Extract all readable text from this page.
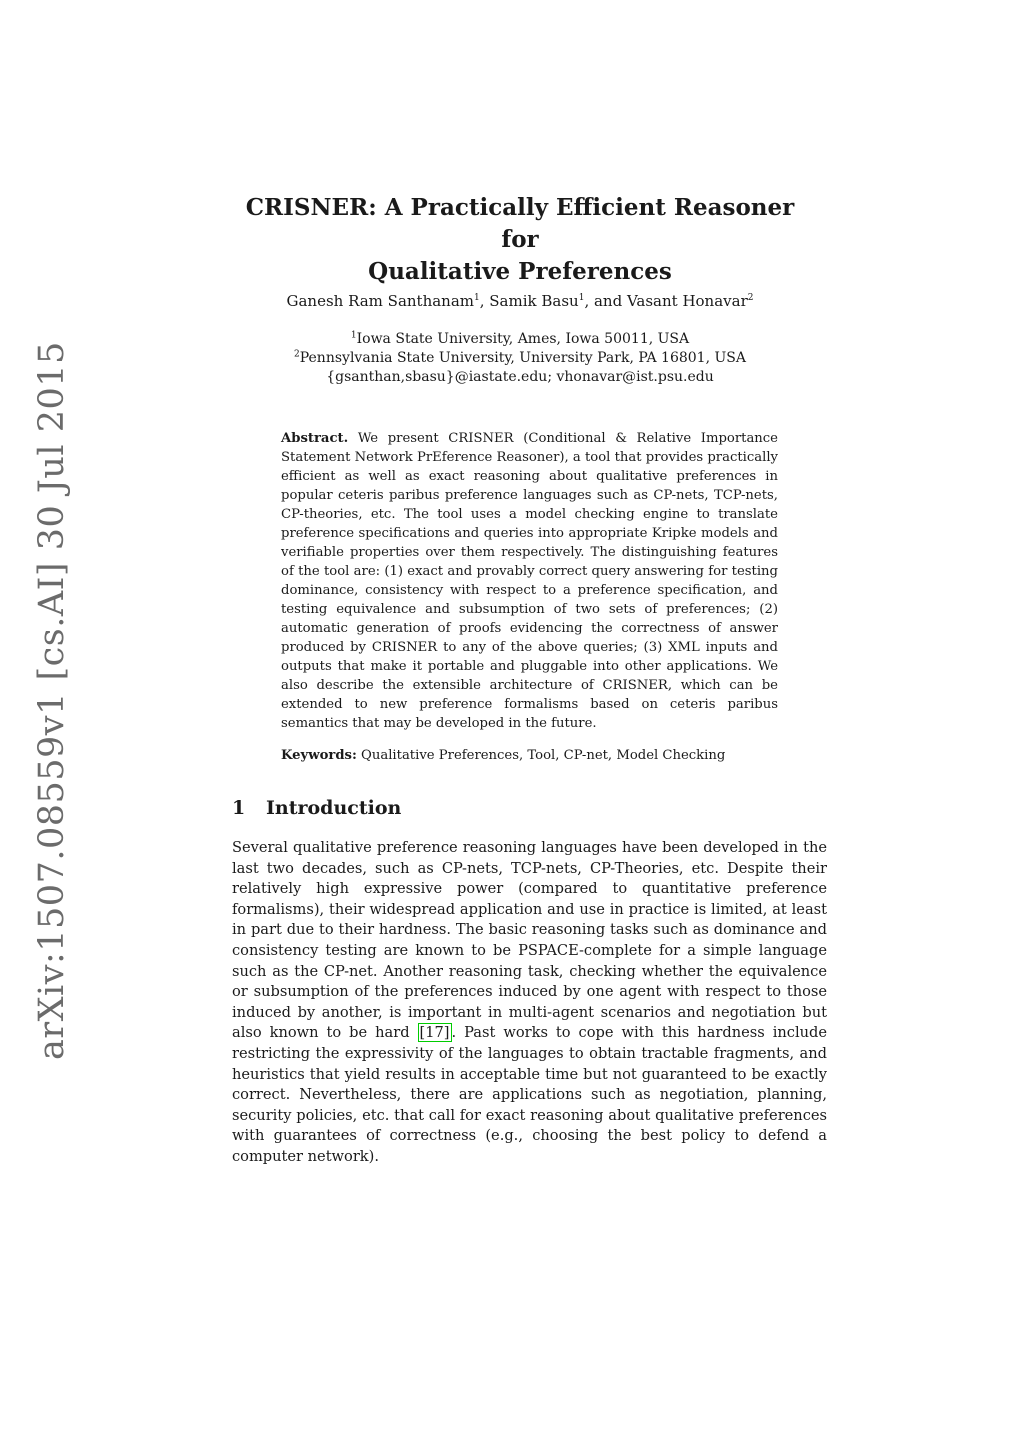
arXiv:1507.08559v1 [cs.AI] 30 Jul 2015
CRISNER: A Practically Efficient Reasoner for
Qualitative Preferences
Ganesh Ram Santhanam$^1$, Samik Basu$^1$, and Vasant Honavar$^2$
$^1$Iowa State University, Ames, Iowa 50011, USA
$^2$Pennsylvania State University, University Park, PA 16801, USA
{gsanthan,sbasu}@iastate.edu; vhonavar@ist.psu.edu
Abstract. We present CRISNER (Conditional & Relative Importance Statement Network PrEference Reasoner), a tool that provides practically efficient as well as exact reasoning about qualitative preferences in popular ceteris paribus preference languages such as CP-nets, TCP-nets, CP-theories, etc. The tool uses a model checking engine to translate preference specifications and queries into appropriate Kripke models and verifiable properties over them respectively. The distinguishing features of the tool are: (1) exact and provably correct query answering for testing dominance, consistency with respect to a preference specification, and testing equivalence and subsumption of two sets of preferences; (2) automatic generation of proofs evidencing the correctness of answer produced by CRISNER to any of the above queries; (3) XML inputs and outputs that make it portable and pluggable into other applications. We also describe the extensible architecture of CRISNER, which can be extended to new preference formalisms based on ceteris paribus semantics that may be developed in the future.
Keywords: Qualitative Preferences, Tool, CP-net, Model Checking
1 Introduction
Several qualitative preference reasoning languages have been developed in the last two decades, such as CP-nets, TCP-nets, CP-Theories, etc. Despite their relatively high expressive power (compared to quantitative preference formalisms), their widespread application and use in practice is limited, at least in part due to their hardness. The basic reasoning tasks such as dominance and consistency testing are known to be PSPACE-complete for a simple language such as the CP-net. Another reasoning task, checking whether the equivalence or subsumption of the preferences induced by one agent with respect to those induced by another, is important in multi-agent scenarios and negotiation but also known to be hard [17] . Past works to cope with this hardness include restricting the expressivity of the languages to obtain tractable fragments, and heuristics that yield results in acceptable time but not guaranteed to be exactly correct. Nevertheless, there are applications such as negotiation, planning, security policies, etc. that call for exact reasoning about qualitative preferences with guarantees of correctness (e.g., choosing the best policy to defend a computer network).
